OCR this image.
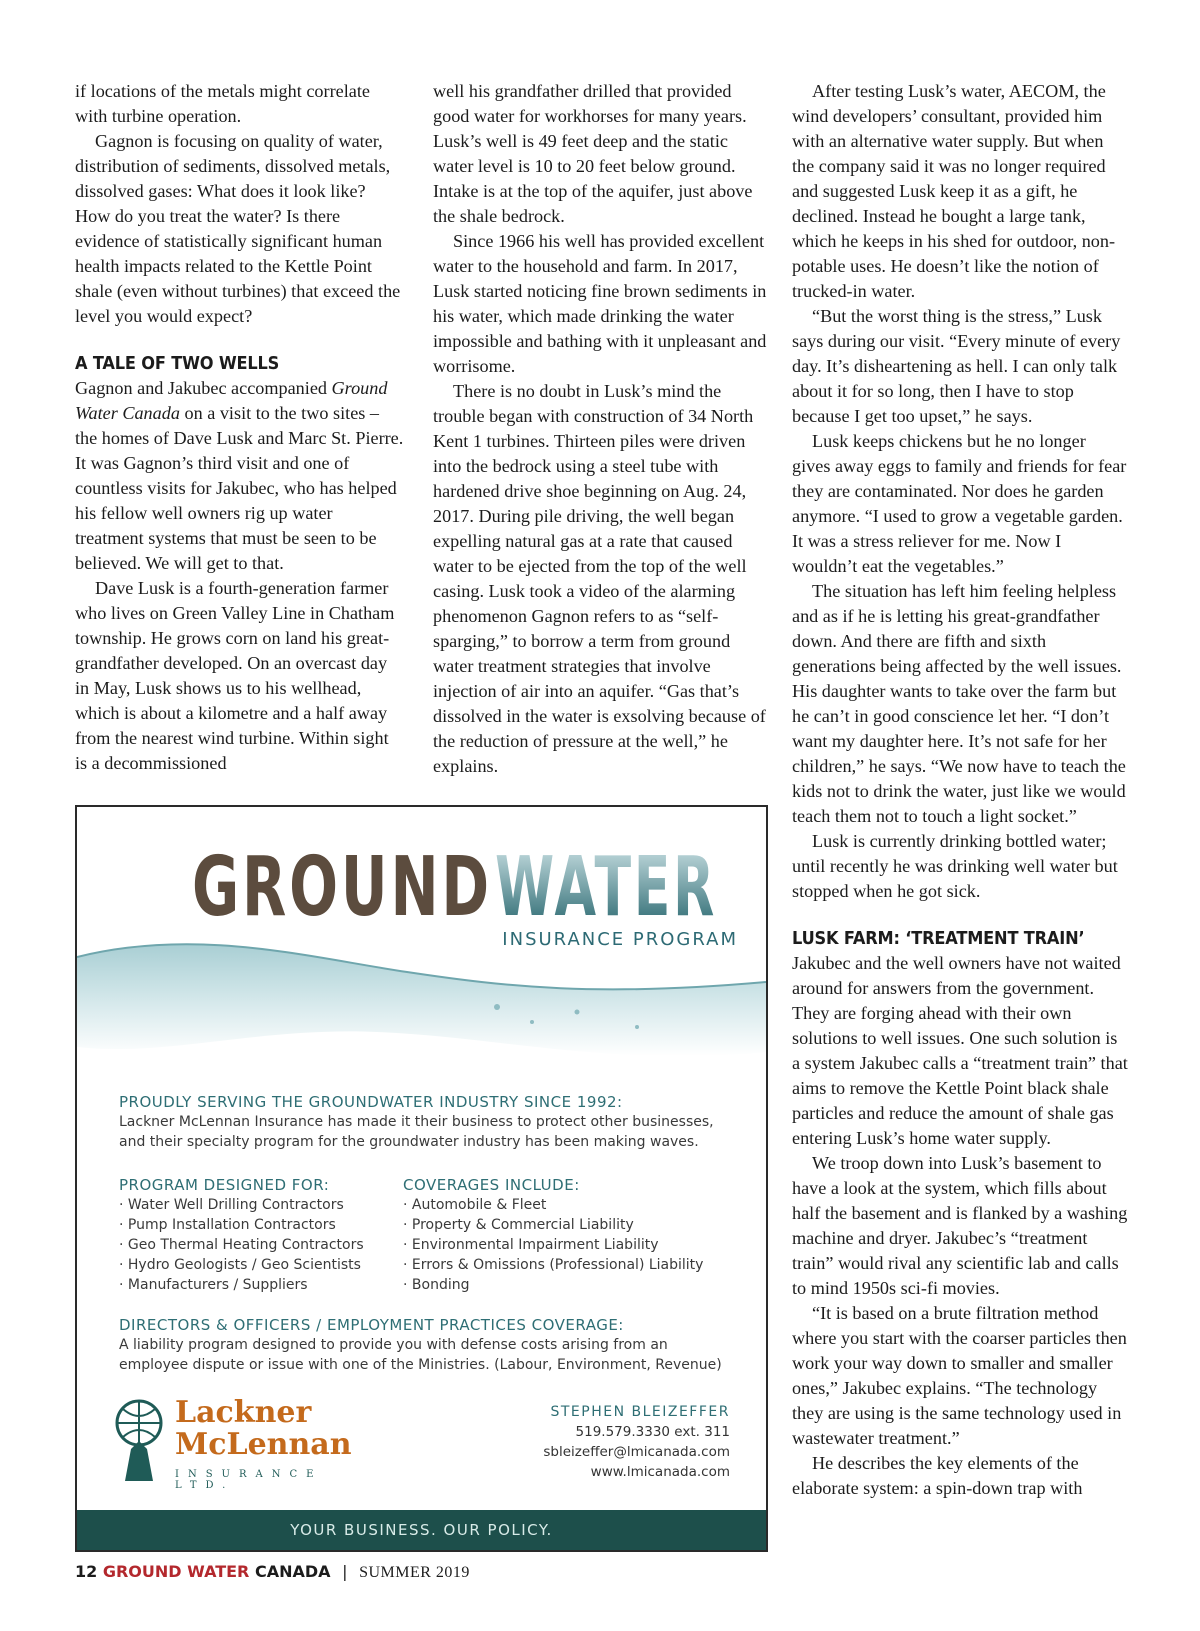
if locations of the metals might correlate with turbine operation.

Gagnon is focusing on quality of water, distribution of sediments, dissolved metals, dissolved gases: What does it look like? How do you treat the water? Is there evidence of statistically significant human health impacts related to the Kettle Point shale (even without turbines) that exceed the level you would expect?

A TALE OF TWO WELLS

Gagnon and Jakubec accompanied Ground Water Canada on a visit to the two sites – the homes of Dave Lusk and Marc St. Pierre. It was Gagnon’s third visit and one of countless visits for Jakubec, who has helped his fellow well owners rig up water treatment systems that must be seen to be believed. We will get to that.

Dave Lusk is a fourth-generation farmer who lives on Green Valley Line in Chatham township. He grows corn on land his great-grandfather developed. On an overcast day in May, Lusk shows us to his wellhead, which is about a kilometre and a half away from the nearest wind turbine. Within sight is a decommissioned

well his grandfather drilled that provided good water for workhorses for many years. Lusk’s well is 49 feet deep and the static water level is 10 to 20 feet below ground. Intake is at the top of the aquifer, just above the shale bedrock.

Since 1966 his well has provided excellent water to the household and farm. In 2017, Lusk started noticing fine brown sediments in his water, which made drinking the water impossible and bathing with it unpleasant and worrisome.

There is no doubt in Lusk’s mind the trouble began with construction of 34 North Kent 1 turbines. Thirteen piles were driven into the bedrock using a steel tube with hardened drive shoe beginning on Aug. 24, 2017. During pile driving, the well began expelling natural gas at a rate that caused water to be ejected from the top of the well casing. Lusk took a video of the alarming phenomenon Gagnon refers to as “self-sparging,” to borrow a term from ground water treatment strategies that involve injection of air into an aquifer. “Gas that’s dissolved in the water is exsolving because of the reduction of pressure at the well,” he explains.

After testing Lusk’s water, AECOM, the wind developers’ consultant, provided him with an alternative water supply. But when the company said it was no longer required and suggested Lusk keep it as a gift, he declined. Instead he bought a large tank, which he keeps in his shed for outdoor, non-potable uses. He doesn’t like the notion of trucked-in water.

“But the worst thing is the stress,” Lusk says during our visit. “Every minute of every day. It’s disheartening as hell. I can only talk about it for so long, then I have to stop because I get too upset,” he says.

Lusk keeps chickens but he no longer gives away eggs to family and friends for fear they are contaminated. Nor does he garden anymore. “I used to grow a vegetable garden. It was a stress reliever for me. Now I wouldn’t eat the vegetables.”

The situation has left him feeling helpless and as if he is letting his great-grandfather down. And there are fifth and sixth generations being affected by the well issues. His daughter wants to take over the farm but he can’t in good conscience let her. “I don’t want my daughter here. It’s not safe for her children,” he says. “We now have to teach the kids not to drink the water, just like we would teach them not to touch a light socket.”

Lusk is currently drinking bottled water; until recently he was drinking well water but stopped when he got sick.

LUSK FARM: ‘TREATMENT TRAIN’

Jakubec and the well owners have not waited around for answers from the government. They are forging ahead with their own solutions to well issues. One such solution is a system Jakubec calls a “treatment train” that aims to remove the Kettle Point black shale particles and reduce the amount of shale gas entering Lusk’s home water supply.

We troop down into Lusk’s basement to have a look at the system, which fills about half the basement and is flanked by a washing machine and dryer. Jakubec’s “treatment train” would rival any scientific lab and calls to mind 1950s sci-fi movies.

“It is based on a brute filtration method where you start with the coarser particles then work your way down to smaller and smaller ones,” Jakubec explains. “The technology they are using is the same technology used in wastewater treatment.”

He describes the key elements of the elaborate system: a spin-down trap with

GROUND WATER
INSURANCE PROGRAM
PROUDLY SERVING THE GROUNDWATER INDUSTRY SINCE 1992:
Lackner McLennan Insurance has made it their business to protect other businesses, and their specialty program for the groundwater industry has been making waves.
PROGRAM DESIGNED FOR:
· Water Well Drilling Contractors
· Pump Installation Contractors
· Geo Thermal Heating Contractors
· Hydro Geologists / Geo Scientists
· Manufacturers / Suppliers
COVERAGES INCLUDE:
· Automobile & Fleet
· Property & Commercial Liability
· Environmental Impairment Liability
· Errors & Omissions (Professional) Liability
· Bonding
DIRECTORS & OFFICERS / EMPLOYMENT PRACTICES COVERAGE:
A liability program designed to provide you with defense costs arising from an employee dispute or issue with one of the Ministries. (Labour, Environment, Revenue)
Lackner
McLennan
INSURANCE LTD.
STEPHEN BLEIZEFFER
519.579.3330 ext. 311
sbleizeffer@lmicanada.com
www.lmicanada.com
YOUR BUSINESS. OUR POLICY.
12 GROUND WATER CANADA | SUMMER 2019
